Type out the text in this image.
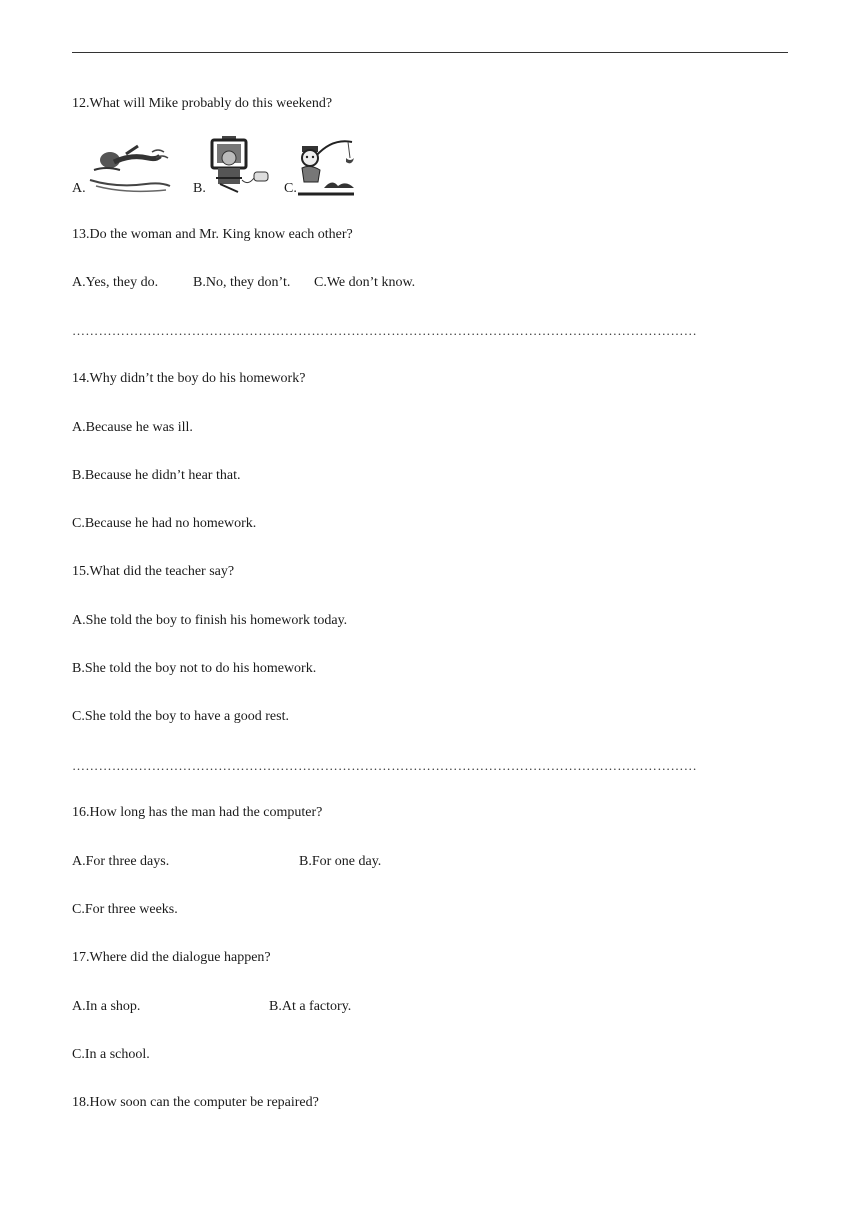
12.What will Mike probably do this weekend?
A.	B.	C.
13.Do the woman and Mr. King know each other?
A.Yes, they do. B.No, they don’t. C.We don’t know.
……………………………………………………………………………………………………………………………
14.Why didn’t the boy do his homework?
A.Because he was ill.
B.Because he didn’t hear that.
C.Because he had no homework.
15.What did the teacher say?
A.She told the boy to finish his homework today.
B.She told the boy not to do his homework.
C.She told the boy to have a good rest.
……………………………………………………………………………………………………………………………
16.How long has the man had the computer?
A.For three days.	B.For one day.
C.For three weeks.
17.Where did the dialogue happen?
A.In a shop.	B.At a factory.
C.In a school.
18.How soon can the computer be repaired?
